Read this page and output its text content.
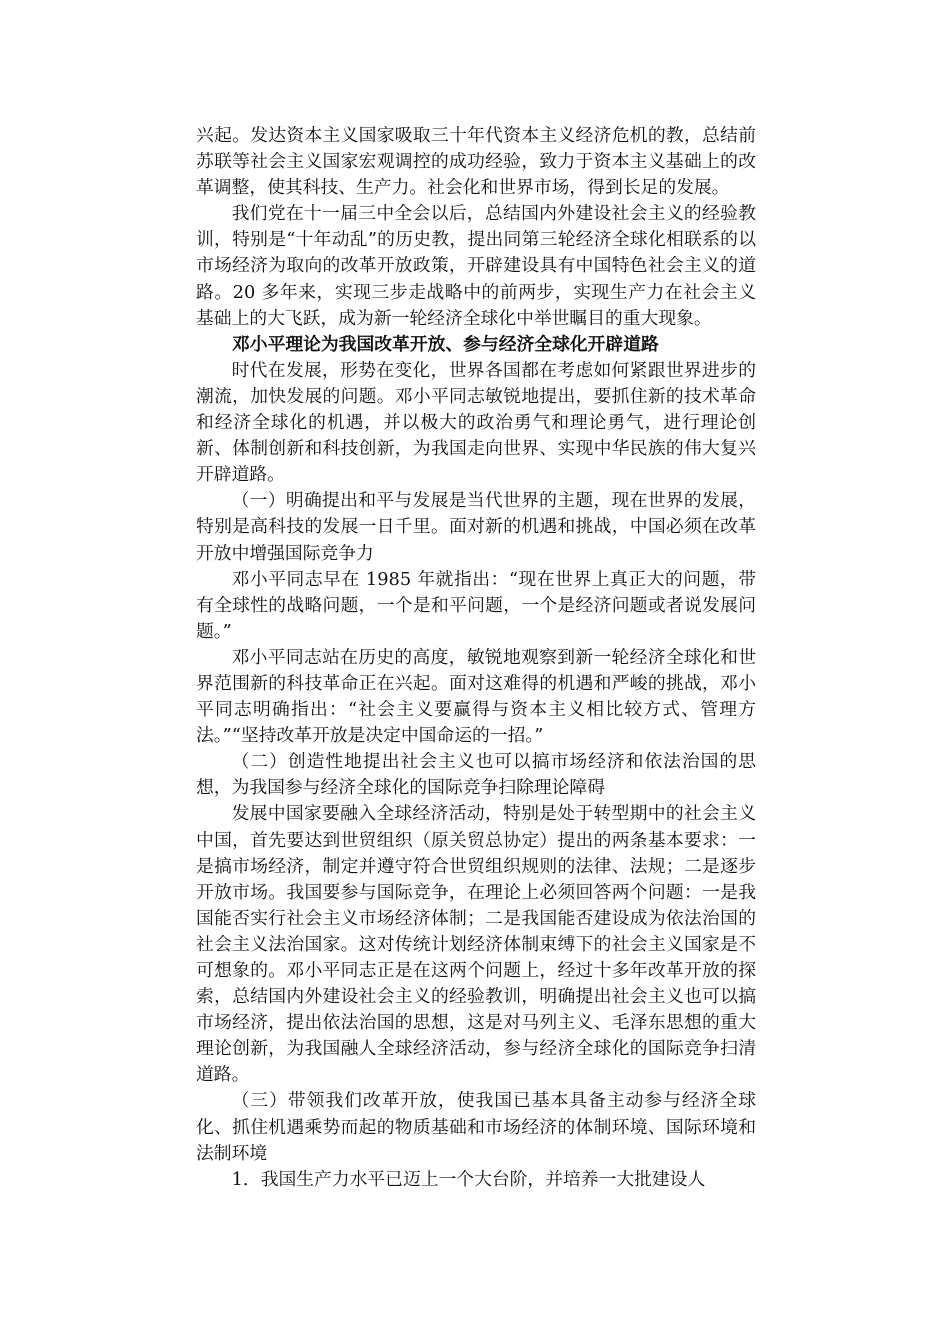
兴起。发达资本主义国家吸取三十年代资本主义经济危机的教，总结前苏联等社会主义国家宏观调控的成功经验，致力于资本主义基础上的改革调整，使其科技、生产力。社会化和世界市场，得到长足的发展。

我们党在十一届三中全会以后，总结国内外建设社会主义的经验教训，特别是“十年动乱”的历史教，提出同第三轮经济全球化相联系的以市场经济为取向的改革开放政策，开辟建设具有中国特色社会主义的道路。20 多年来，实现三步走战略中的前两步，实现生产力在社会主义基础上的大飞跃，成为新一轮经济全球化中举世瞩目的重大现象。

邓小平理论为我国改革开放、参与经济全球化开辟道路

时代在发展，形势在变化，世界各国都在考虑如何紧跟世界进步的潮流，加快发展的问题。邓小平同志敏锐地提出，要抓住新的技术革命和经济全球化的机遇，并以极大的政治勇气和理论勇气，进行理论创新、体制创新和科技创新，为我国走向世界、实现中华民族的伟大复兴开辟道路。

（一）明确提出和平与发展是当代世界的主题，现在世界的发展，特别是高科技的发展一日千里。面对新的机遇和挑战，中国必须在改革开放中增强国际竞争力

邓小平同志早在 1985 年就指出：“现在世界上真正大的问题，带有全球性的战略问题，一个是和平问题，一个是经济问题或者说发展问题。”

邓小平同志站在历史的高度，敏锐地观察到新一轮经济全球化和世界范围新的科技革命正在兴起。面对这难得的机遇和严峻的挑战，邓小平同志明确指出：“社会主义要赢得与资本主义相比较方式、管理方法。”“坚持改革开放是决定中国命运的一招。”

（二）创造性地提出社会主义也可以搞市场经济和依法治国的思想，为我国参与经济全球化的国际竞争扫除理论障碍

发展中国家要融入全球经济活动，特别是处于转型期中的社会主义中国，首先要达到世贸组织（原关贸总协定）提出的两条基本要求：一是搞市场经济，制定并遵守符合世贸组织规则的法律、法规；二是逐步开放市场。我国要参与国际竞争，在理论上必须回答两个问题：一是我国能否实行社会主义市场经济体制；二是我国能否建设成为依法治国的社会主义法治国家。这对传统计划经济体制束缚下的社会主义国家是不可想象的。邓小平同志正是在这两个问题上，经过十多年改革开放的探索，总结国内外建设社会主义的经验教训，明确提出社会主义也可以搞市场经济，提出依法治国的思想，这是对马列主义、毛泽东思想的重大理论创新，为我国融人全球经济活动，参与经济全球化的国际竞争扫清道路。

（三）带领我们改革开放，使我国已基本具备主动参与经济全球化、抓住机遇乘势而起的物质基础和市场经济的体制环境、国际环境和法制环境

1．我国生产力水平已迈上一个大台阶，并培养一大批建设人
